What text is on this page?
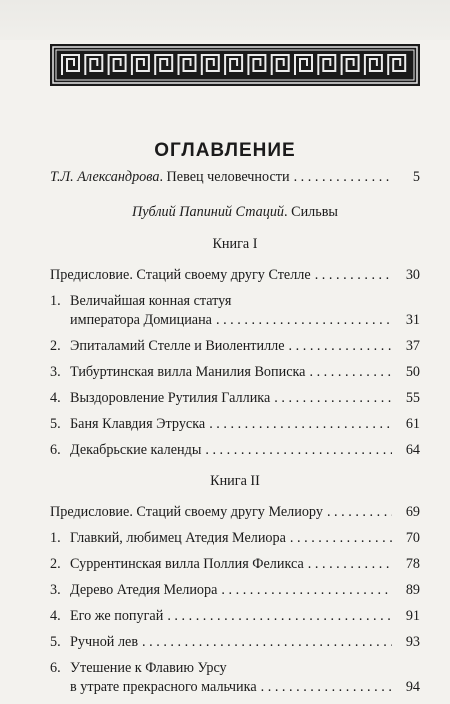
ОГЛАВЛЕНИЕ
Т.Л. Александрова. Певец человечности . . .	5
Публий Папиний Стаций. Сильвы
Книга I
Предисловие. Стаций своему другу Стелле . . .	30
1. Величайшая конная статуя
императора Домициана . . .	31
2. Эпиталамий Стелле и Виолентилле . . .	37
3. Тибуртинская вилла Манилия Вописка . . .	50
4. Выздоровление Рутилия Галлика . . .	55
5. Баня Клавдия Этруска . . .	61
6. Декабрьские календы . . .	64
Книга II
Предисловие. Стаций своему другу Мелиору . . .	69
1. Главкий, любимец Атедия Мелиора . . .	70
2. Суррентинская вилла Поллия Феликса . . .	78
3. Дерево Атедия Мелиора . . .	89
4. Его же попугай . . .	91
5. Ручной лев . . .	93
6. Утешение к Флавию Урсу
в утрате прекрасного мальчика . . .	94
